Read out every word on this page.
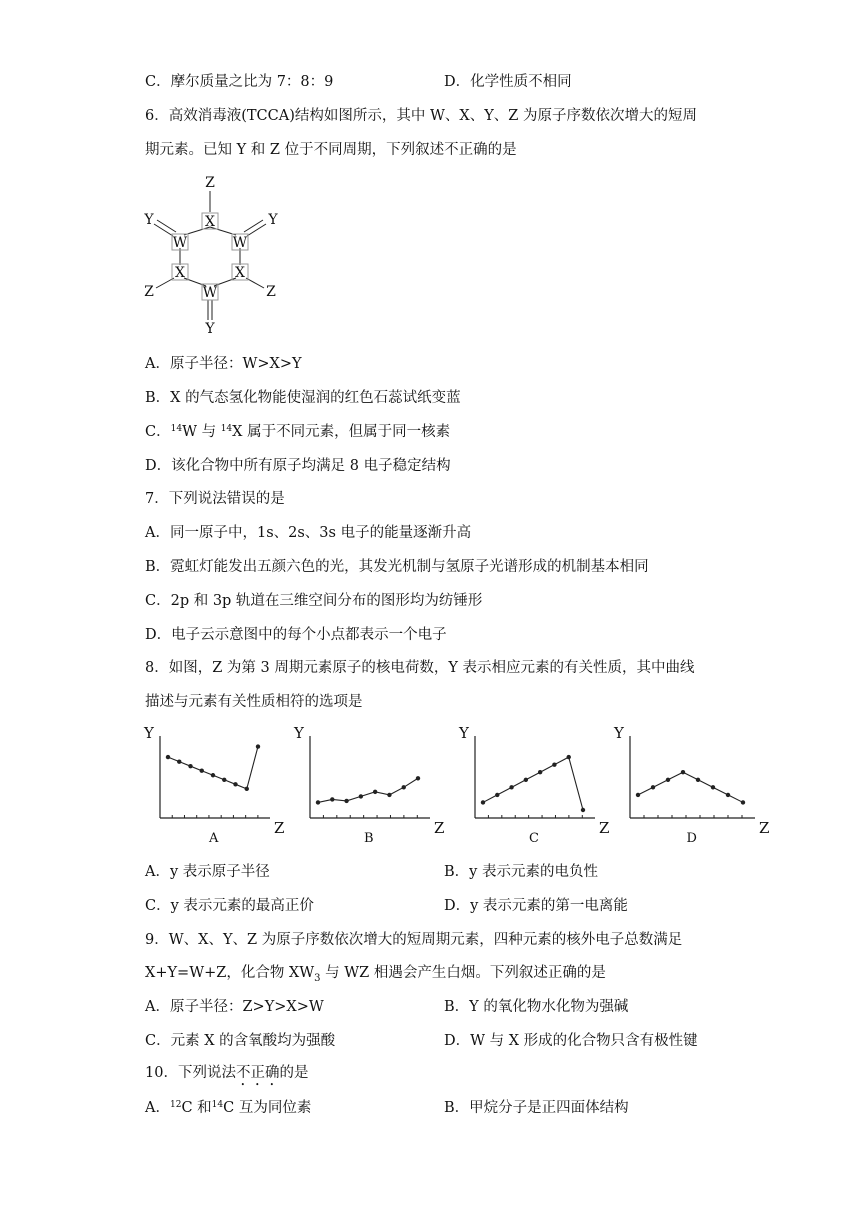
C．摩尔质量之比为 7：8：9	D．化学性质不相同
6．高效消毒液(TCCA)结构如图所示，其中 W、X、Y、Z 为原子序数依次增大的短周
期元素。已知 Y 和 Z 位于不同周期，下列叙述不正确的是
Z
X
Y
W	W
Y
X	X
Z	W	Z
Y
A．原子半径：W>X>Y
B．X 的气态氢化物能使湿润的红色石蕊试纸变蓝
C．$^{14}$W 与 $^{14}$X 属于不同元素，但属于同一核素
D．该化合物中所有原子均满足 8 电子稳定结构
7．下列说法错误的是
A．同一原子中，1s、2s、3s 电子的能量逐渐升高
B．霓虹灯能发出五颜六色的光，其发光机制与氢原子光谱形成的机制基本相同
C．2p 和 3p 轨道在三维空间分布的图形均为纺锤形
D．电子云示意图中的每个小点都表示一个电子
8．如图，Z 为第 3 周期元素原子的核电荷数，Y 表示相应元素的有关性质，其中曲线
描述与元素有关性质相符的选项是
Y
Z
A
Y
Z
B
Y
Z
C
Y
Z
D
A．y 表示原子半径	B．y 表示元素的电负性
C．y 表示元素的最高正价	D．y 表示元素的第一电离能
9．W、X、Y、Z 为原子序数依次增大的短周期元素，四种元素的核外电子总数满足
X+Y=W+Z，化合物 $XW_3$ 与 WZ 相遇会产生白烟。下列叙述正确的是
A．原子半径：Z>Y>X>W	B．Y 的氧化物水化物为强碱
C．元素 X 的含氧酸均为强酸	D．W 与 X 形成的化合物只含有极性键
10．下列说法不正确的是
A．$^{12}$C 和$^{14}$C 互为同位素	B．甲烷分子是正四面体结构
